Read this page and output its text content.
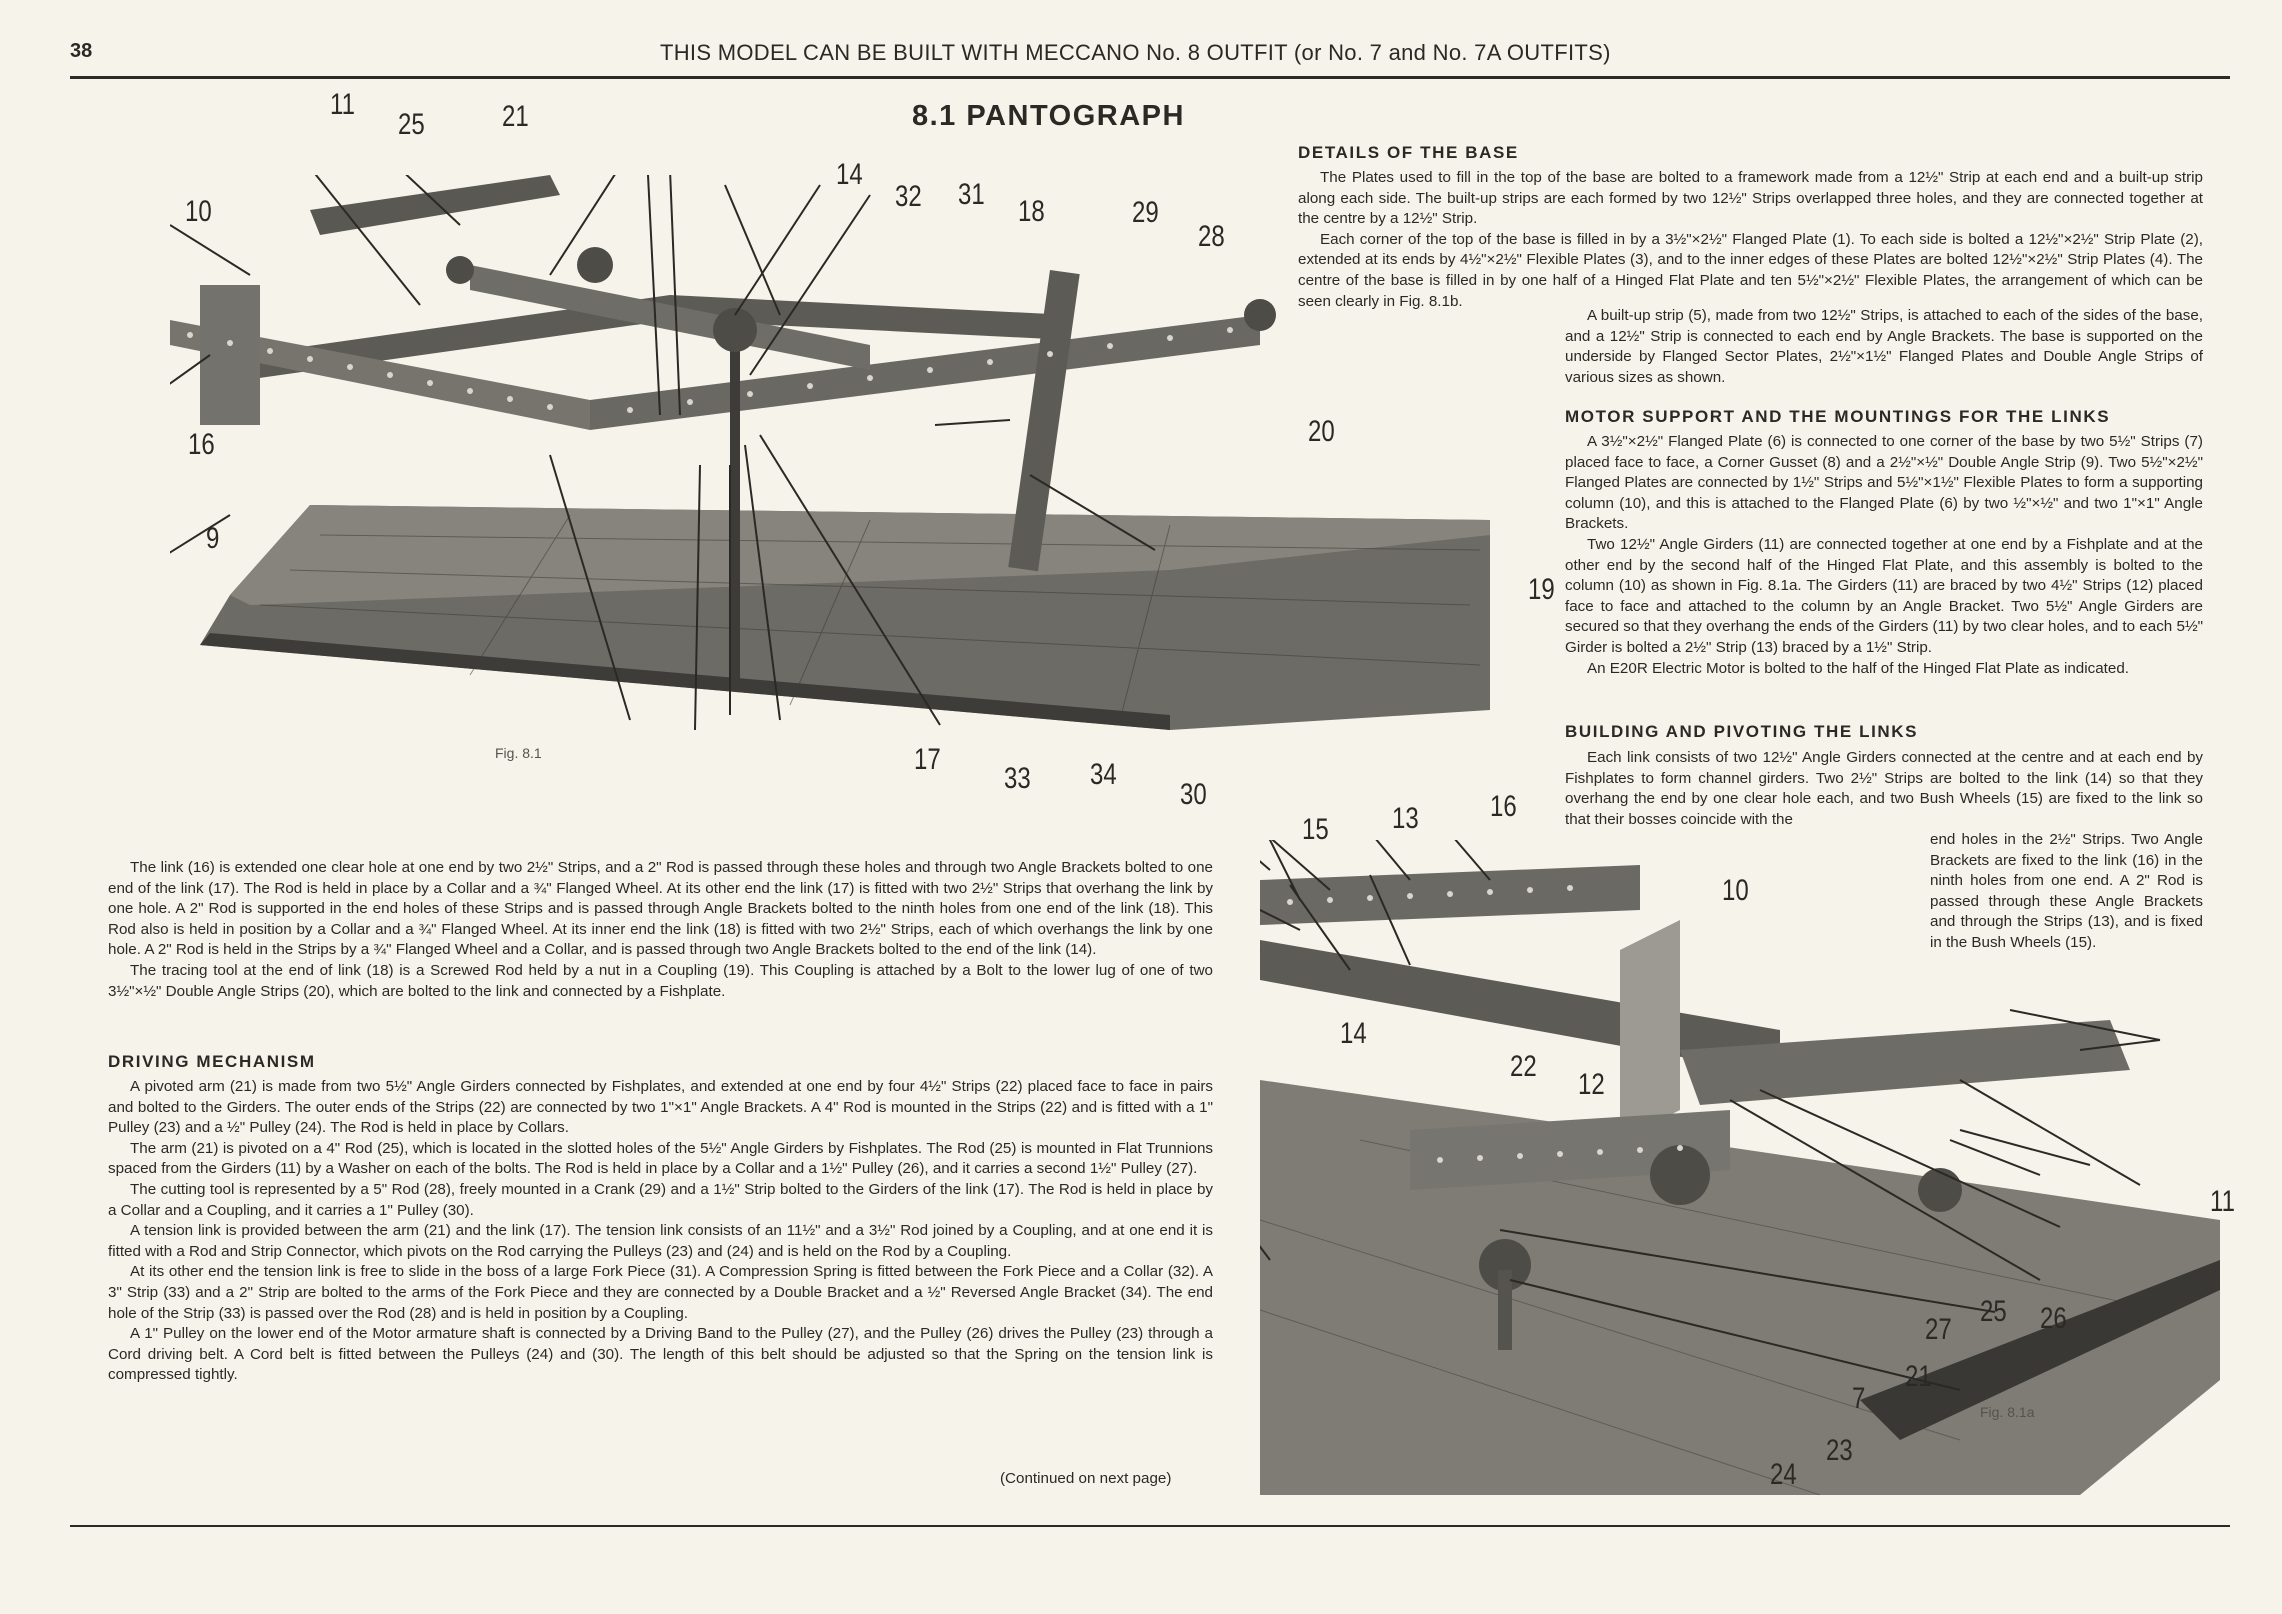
38	THIS MODEL CAN BE BUILT WITH MECCANO No. 8 OUTFIT (or No. 7 and No. 7A OUTFITS)
11
25	21
10
16
9
14
32 31
18	29
28
20
19
17
33 34
30
Fig. 8.1
8.1 PANTOGRAPH
DETAILS OF THE BASE

The Plates used to fill in the top of the base are bolted to a framework made from a 12½" Strip at each end and a built-up strip along each side. The built-up strips are each formed by two 12½" Strips overlapped three holes, and they are connected together at the centre by a 12½" Strip.

Each corner of the top of the base is filled in by a 3½"×2½" Flanged Plate (1). To each side is bolted a 12½"×2½" Strip Plate (2), extended at its ends by 4½"×2½" Flexible Plates (3), and to the inner edges of these Plates are bolted 12½"×2½" Strip Plates (4). The centre of the base is filled in by one half of a Hinged Flat Plate and ten 5½"×2½" Flexible Plates, the arrangement of which can be seen clearly in Fig. 8.1b.

A built-up strip (5), made from two 12½" Strips, is attached to each of the sides of the base, and a 12½" Strip is connected to each end by Angle Brackets. The base is supported on the underside by Flanged Sector Plates, 2½"×1½" Flanged Plates and Double Angle Strips of various sizes as shown.

MOTOR SUPPORT AND THE MOUNTINGS FOR THE LINKS

A 3½"×2½" Flanged Plate (6) is connected to one corner of the base by two 5½" Strips (7) placed face to face, a Corner Gusset (8) and a 2½"×½" Double Angle Strip (9). Two 5½"×2½" Flanged Plates are connected by 1½" Strips and 5½"×1½" Flexible Plates to form a supporting column (10), and this is attached to the Flanged Plate (6) by two ½"×½" and two 1"×1" Angle Brackets.

Two 12½" Angle Girders (11) are connected together at one end by a Fishplate and at the other end by the second half of the Hinged Flat Plate, and this assembly is bolted to the column (10) as shown in Fig. 8.1a. The Girders (11) are braced by two 4½" Strips (12) placed face to face and attached to the column by an Angle Bracket. Two 5½" Angle Girders are secured so that they overhang the ends of the Girders (11) by two clear holes, and to each 5½" Girder is bolted a 2½" Strip (13) braced by a 1½" Strip.

An E20R Electric Motor is bolted to the half of the Hinged Flat Plate as indicated.

BUILDING AND PIVOTING THE LINKS

Each link consists of two 12½" Angle Girders connected at the centre and at each end by Fishplates to form channel girders. Two 2½" Strips are bolted to the link (14) so that they overhang the end by one clear hole each, and two Bush Wheels (15) are fixed to the link so that their bosses coincide with the

end holes in the 2½" Strips. Two Angle Brackets are fixed to the link (16) in the ninth holes from one end. A 2" Rod is passed through these Angle Brackets and through the Strips (13), and is fixed in the Bush Wheels (15).

15 13 16
10
14
22
12
11
27
25 26
21
7
23
24
Fig. 8.1a

The link (16) is extended one clear hole at one end by two 2½" Strips, and a 2" Rod is passed through these holes and through two Angle Brackets bolted to one end of the link (17). The Rod is held in place by a Collar and a ¾" Flanged Wheel. At its other end the link (17) is fitted with two 2½" Strips that overhang the link by one hole. A 2" Rod is supported in the end holes of these Strips and is passed through Angle Brackets bolted to the ninth holes from one end of the link (18). This Rod also is held in position by a Collar and a ¾" Flanged Wheel. At its inner end the link (18) is fitted with two 2½" Strips, each of which overhangs the link by one hole. A 2" Rod is held in the Strips by a ¾" Flanged Wheel and a Collar, and is passed through two Angle Brackets bolted to the end of the link (14).

The tracing tool at the end of link (18) is a Screwed Rod held by a nut in a Coupling (19). This Coupling is attached by a Bolt to the lower lug of one of two 3½"×½" Double Angle Strips (20), which are bolted to the link and connected by a Fishplate.

DRIVING MECHANISM

A pivoted arm (21) is made from two 5½" Angle Girders connected by Fishplates, and extended at one end by four 4½" Strips (22) placed face to face in pairs and bolted to the Girders. The outer ends of the Strips (22) are connected by two 1"×1" Angle Brackets. A 4" Rod is mounted in the Strips (22) and is fitted with a 1" Pulley (23) and a ½" Pulley (24). The Rod is held in place by Collars.

The arm (21) is pivoted on a 4" Rod (25), which is located in the slotted holes of the 5½" Angle Girders by Fishplates. The Rod (25) is mounted in Flat Trunnions spaced from the Girders (11) by a Washer on each of the bolts. The Rod is held in place by a Collar and a 1½" Pulley (26), and it carries a second 1½" Pulley (27).

The cutting tool is represented by a 5" Rod (28), freely mounted in a Crank (29) and a 1½" Strip bolted to the Girders of the link (17). The Rod is held in place by a Collar and a Coupling, and it carries a 1" Pulley (30).

A tension link is provided between the arm (21) and the link (17). The tension link consists of an 11½" and a 3½" Rod joined by a Coupling, and at one end it is fitted with a Rod and Strip Connector, which pivots on the Rod carrying the Pulleys (23) and (24) and is held on the Rod by a Coupling.

At its other end the tension link is free to slide in the boss of a large Fork Piece (31). A Compression Spring is fitted between the Fork Piece and a Collar (32). A 3" Strip (33) and a 2" Strip are bolted to the arms of the Fork Piece and they are connected by a Double Bracket and a ½" Reversed Angle Bracket (34). The end hole of the Strip (33) is passed over the Rod (28) and is held in position by a Coupling.

A 1" Pulley on the lower end of the Motor armature shaft is connected by a Driving Band to the Pulley (27), and the Pulley (26) drives the Pulley (23) through a Cord driving belt. A Cord belt is fitted between the Pulleys (24) and (30). The length of this belt should be adjusted so that the Spring on the tension link is compressed tightly.

(Continued on next page)
